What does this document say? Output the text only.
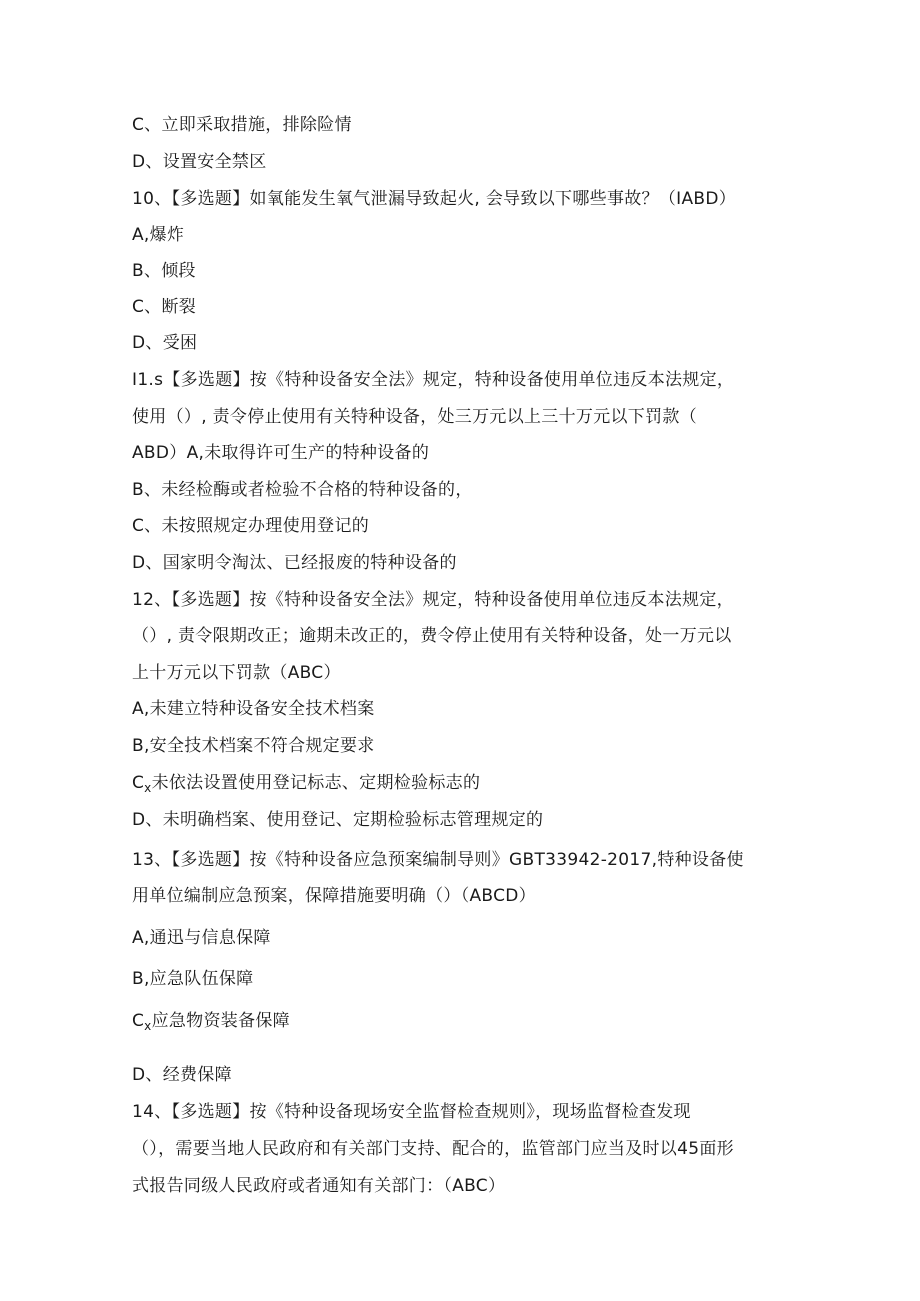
C、立即采取措施，排除险情

D、设置安全禁区

10、【多选题】如氧能发生氧气泄漏导致起火, 会导致以下哪些事故？（IABD）

A,爆炸

B、倾段

C、断裂

D、受困

I1.s【多选题】按《特种设备安全法》规定，特种设备使用单位违反本法规定，

使用（）, 责令停止使用有关特种设备，处三万元以上三十万元以下罚款（

ABD）A,未取得许可生产的特种设备的

B、未经检酶或者检验不合格的特种设备的，

C、未按照规定办理使用登记的

D、国家明令淘汰、已经报废的特种设备的

12、【多选题】按《特种设备安全法》规定，特种设备使用单位违反本法规定，

（）, 责令限期改正；逾期未改正的，费令停止使用有关特种设备，处一万元以

上十万元以下罚款（ABC）

A,未建立特种设备安全技术档案

B,安全技术档案不符合规定要求

$C_x$未依法设置使用登记标志、定期检验标志的

D、未明确档案、使用登记、定期检验标志管理规定的

13、【多选题】按《特种设备应急预案编制导则》GBT33942-2017,特种设备使

用单位编制应急预案，保障措施要明确（）（ABCD）

A,通迅与信息保障

B,应急队伍保障

$C_x$应急物资装备保障

D、经费保障

14、【多选题】按《特种设备现场安全监督检查规则》，现场监督检查发现

（），需要当地人民政府和有关部门支持、配合的，监管部门应当及时以45面形

式报告同级人民政府或者通知有关部门：（ABC）
